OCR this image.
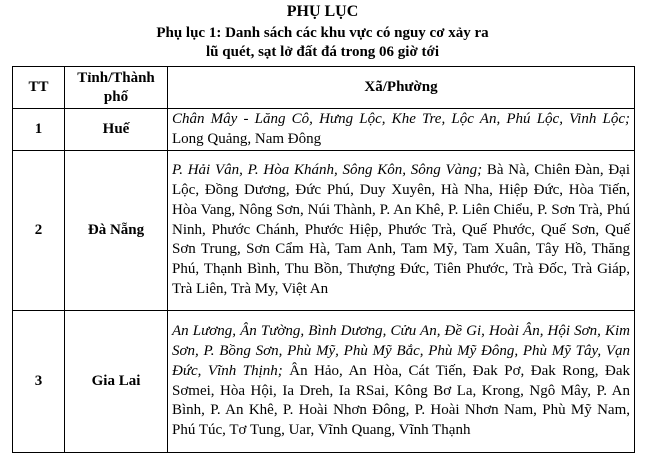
PHỤ LỤC
Phụ lục 1: Danh sách các khu vực có nguy cơ xảy ra
lũ quét, sạt lở đất đá trong 06 giờ tới
TT	Tỉnh/Thành phố	Xã/Phường
1	Huế	Chân Mây - Lăng Cô, Hưng Lộc, Khe Tre, Lộc An, Phú Lộc, Vinh Lộc; Long Quảng, Nam Đông
2	Đà Nẵng	P. Hải Vân, P. Hòa Khánh, Sông Kôn, Sông Vàng; Bà Nà, Chiên Đàn, Đại Lộc, Đồng Dương, Đức Phú, Duy Xuyên, Hà Nha, Hiệp Đức, Hòa Tiến, Hòa Vang, Nông Sơn, Núi Thành, P. An Khê, P. Liên Chiểu, P. Sơn Trà, Phú Ninh, Phước Chánh, Phước Hiệp, Phước Trà, Quế Phước, Quế Sơn, Quế Sơn Trung, Sơn Cẩm Hà, Tam Anh, Tam Mỹ, Tam Xuân, Tây Hồ, Thăng Phú, Thạnh Bình, Thu Bồn, Thượng Đức, Tiên Phước, Trà Đốc, Trà Giáp, Trà Liên, Trà My, Việt An
3	Gia Lai	An Lương, Ân Tường, Bình Dương, Cửu An, Đề Gi, Hoài Ân, Hội Sơn, Kim Sơn, P. Bồng Sơn, Phù Mỹ, Phù Mỹ Bắc, Phù Mỹ Đông, Phù Mỹ Tây, Vạn Đức, Vĩnh Thịnh; Ân Hảo, An Hòa, Cát Tiến, Đak Pơ, Đak Rong, Đak Sơmei, Hòa Hội, Ia Dreh, Ia RSai, Kông Bơ La, Krong, Ngô Mây, P. An Bình, P. An Khê, P. Hoài Nhơn Đông, P. Hoài Nhơn Nam, Phù Mỹ Nam, Phú Túc, Tơ Tung, Uar, Vĩnh Quang, Vĩnh Thạnh
